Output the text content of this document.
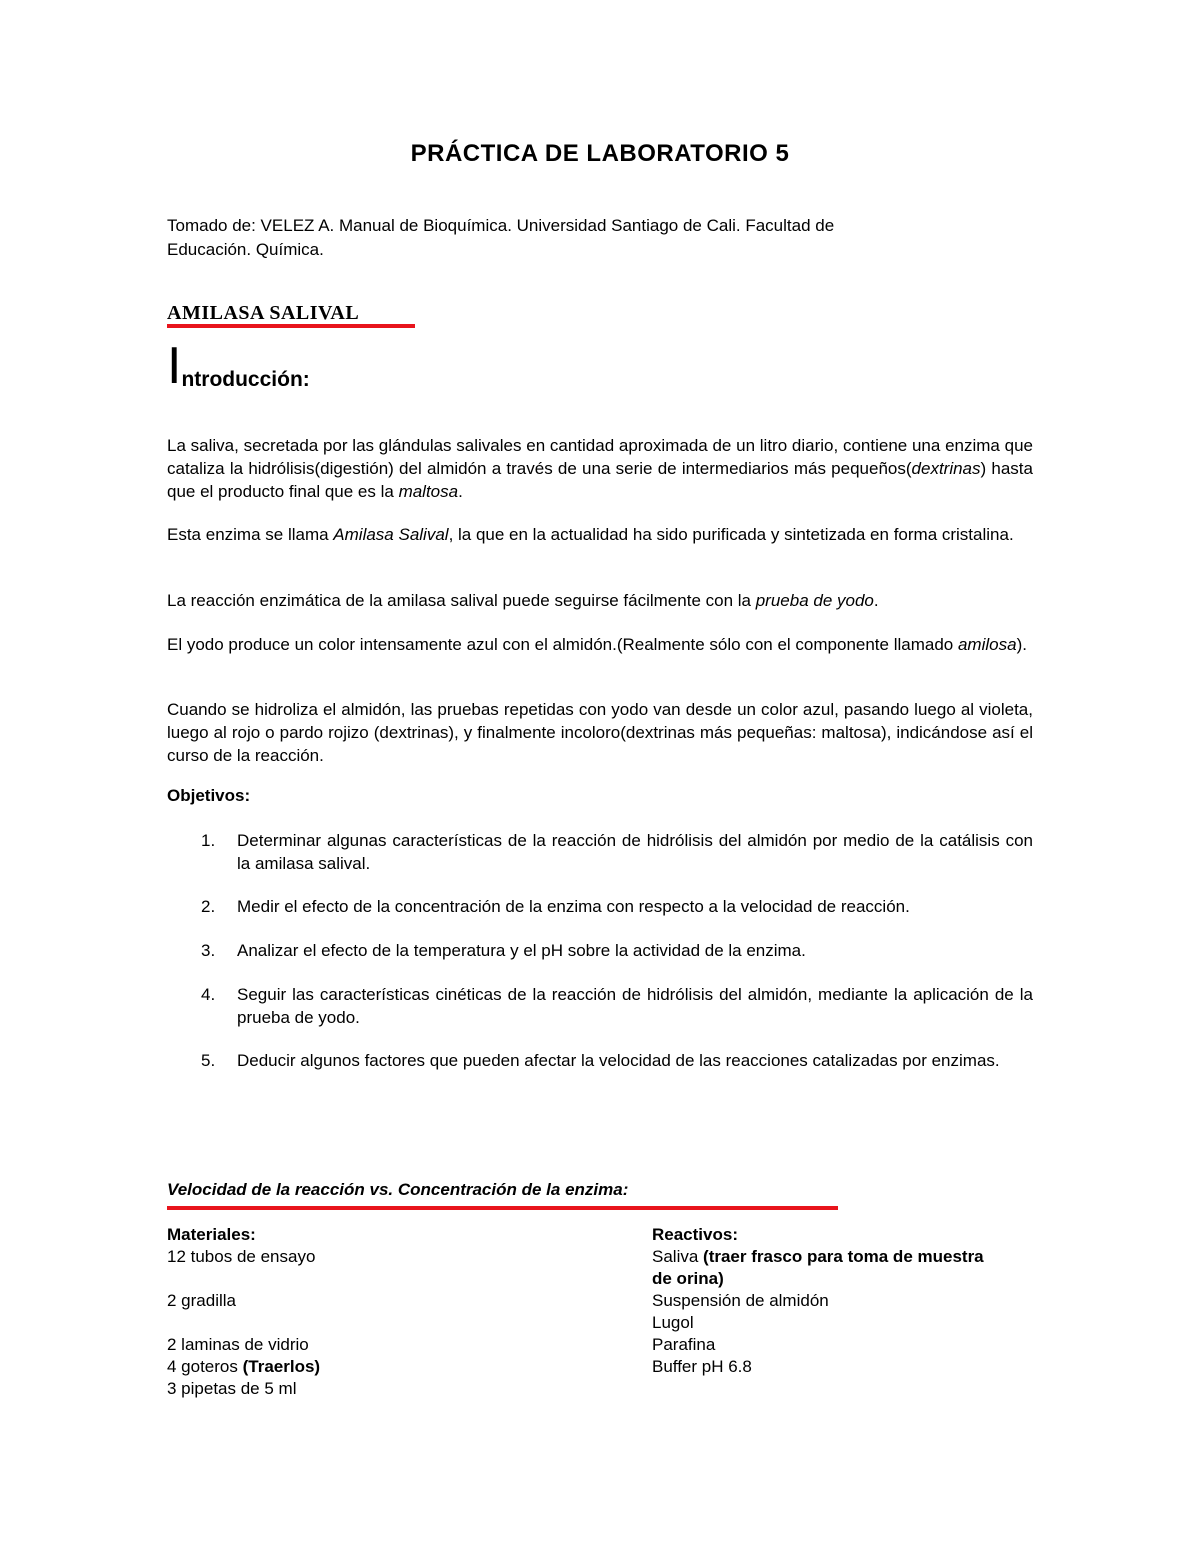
PRÁCTICA DE LABORATORIO 5
Tomado de: VELEZ A. Manual de Bioquímica. Universidad Santiago de Cali. Facultad de
Educación. Química.
AMILASA SALIVAL
Introducción:
La saliva, secretada por las glándulas salivales en cantidad aproximada de un litro diario, contiene una enzima que cataliza la hidrólisis(digestión) del almidón a través de una serie de intermediarios más pequeños(dextrinas) hasta que el producto final que es la maltosa.
Esta enzima se llama Amilasa Salival, la que en la actualidad ha sido purificada y sintetizada en forma cristalina.
La reacción enzimática de la amilasa salival puede seguirse fácilmente con la prueba de yodo.
El yodo produce un color intensamente azul con el almidón.(Realmente sólo con el componente llamado amilosa).
Cuando se hidroliza el almidón, las pruebas repetidas con yodo van desde un color azul, pasando luego al violeta, luego al rojo o pardo rojizo (dextrinas), y finalmente incoloro(dextrinas más pequeñas: maltosa), indicándose así el curso de la reacción.
Objetivos:
1.	Determinar algunas características de la reacción de hidrólisis del almidón por medio de la catálisis con la amilasa salival.
2.	Medir el efecto de la concentración de la enzima con respecto a la velocidad de reacción.
3.	Analizar el efecto de la temperatura y el pH sobre la actividad de la enzima.
4.	Seguir las características cinéticas de la reacción de hidrólisis del almidón, mediante la aplicación de la prueba de yodo.
5.	Deducir algunos factores que pueden afectar la velocidad de las reacciones catalizadas por enzimas.
Velocidad de la reacción vs. Concentración de la enzima:
Materiales:
12 tubos de ensayo
2 gradilla
2 laminas de vidrio
4 goteros (Traerlos)
3 pipetas de 5 ml
Reactivos:
Saliva (traer frasco para toma de muestra
de orina)
Suspensión de almidón
Lugol
Parafina
Buffer pH 6.8
